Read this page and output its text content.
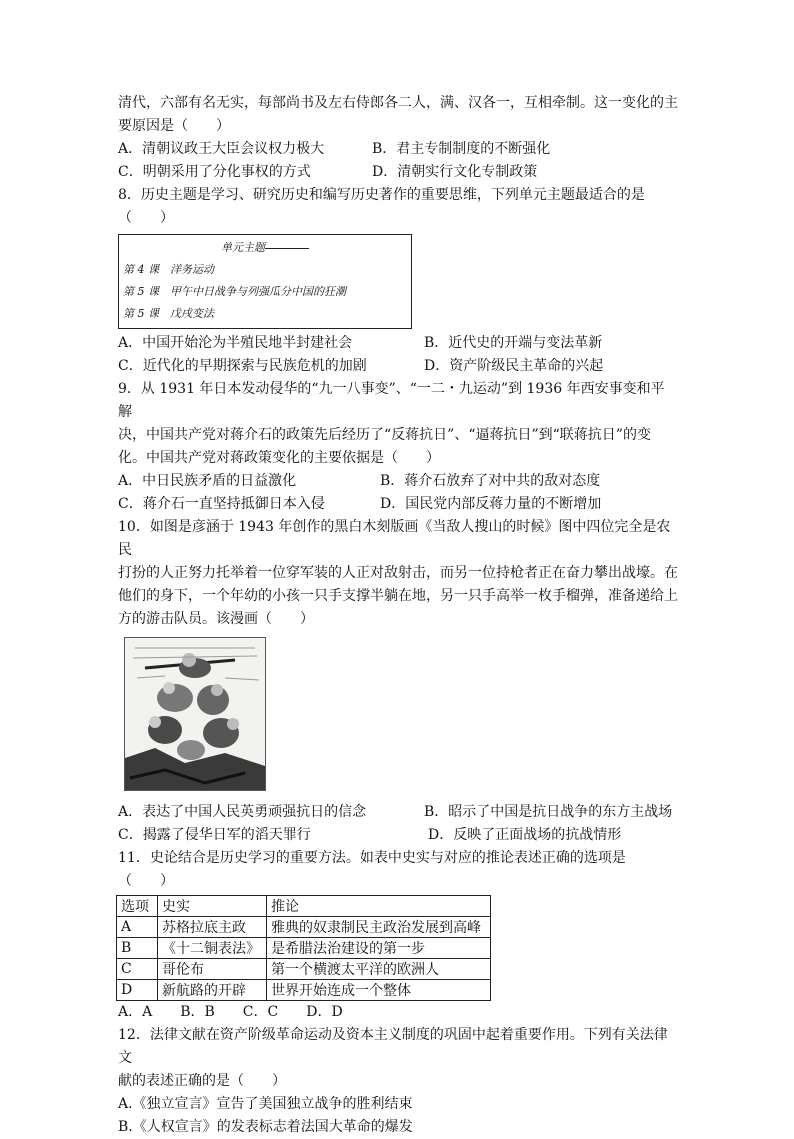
清代，六部有名无实，每部尚书及左右侍郎各二人，满、汉各一，互相牵制。这一变化的主

要原因是（　　）

A．清朝议政王大臣会议权力极大	B．君主专制制度的不断强化
C．明朝采用了分化事权的方式	D．清朝实行文化专制政策

8．历史主题是学习、研究历史和编写历史著作的重要思维，下列单元主题最适合的是

（　　）

单元主题
第 4 课　洋务运动
第 5 课　甲午中日战争与列强瓜分中国的狂潮
第 5 课　戊戌变法
A．中国开始沦为半殖民地半封建社会	B．近代史的开端与变法革新
C．近代化的早期探索与民族危机的加剧	D．资产阶级民主革命的兴起

9．从 1931 年日本发动侵华的“九一八事变”、“一二・九运动”到 1936 年西安事变和平解

决，中国共产党对蒋介石的政策先后经历了“反蒋抗日”、“逼蒋抗日”到“联蒋抗日”的变

化。中国共产党对蒋政策变化的主要依据是（　　）

A．中日民族矛盾的日益激化	B．蒋介石放弃了对中共的敌对态度
C．蒋介石一直坚持抵御日本入侵	D．国民党内部反蒋力量的不断增加

10．如图是彦涵于 1943 年创作的黑白木刻版画《当敌人搜山的时候》图中四位完全是农民

打扮的人正努力托举着一位穿军装的人正对敌射击，而另一位持枪者正在奋力攀出战壕。在

他们的身下，一个年幼的小孩一只手支撑半躺在地，另一只手高举一枚手榴弹，准备递给上

方的游击队员。该漫画（　　）

A．表达了中国人民英勇顽强抗日的信念	B．昭示了中国是抗日战争的东方主战场
C．揭露了侵华日军的滔天罪行	D．反映了正面战场的抗战情形

11．史论结合是历史学习的重要方法。如表中史实与对应的推论表述正确的选项是

（　　）

选项	史实	推论
A	苏格拉底主政	雅典的奴隶制民主政治发展到高峰
B	《十二铜表法》	是希腊法治建设的第一步
C	哥伦布	第一个横渡太平洋的欧洲人
D	新航路的开辟	世界开始连成一个整体

A．A　　B．B　　C．C　　D．D

12．法律文献在资产阶级革命运动及资本主义制度的巩固中起着重要作用。下列有关法律文

献的表述正确的是（　　）

A.《独立宣言》宣告了美国独立战争的胜利结束

B.《人权宣言》的发表标志着法国大革命的爆发
